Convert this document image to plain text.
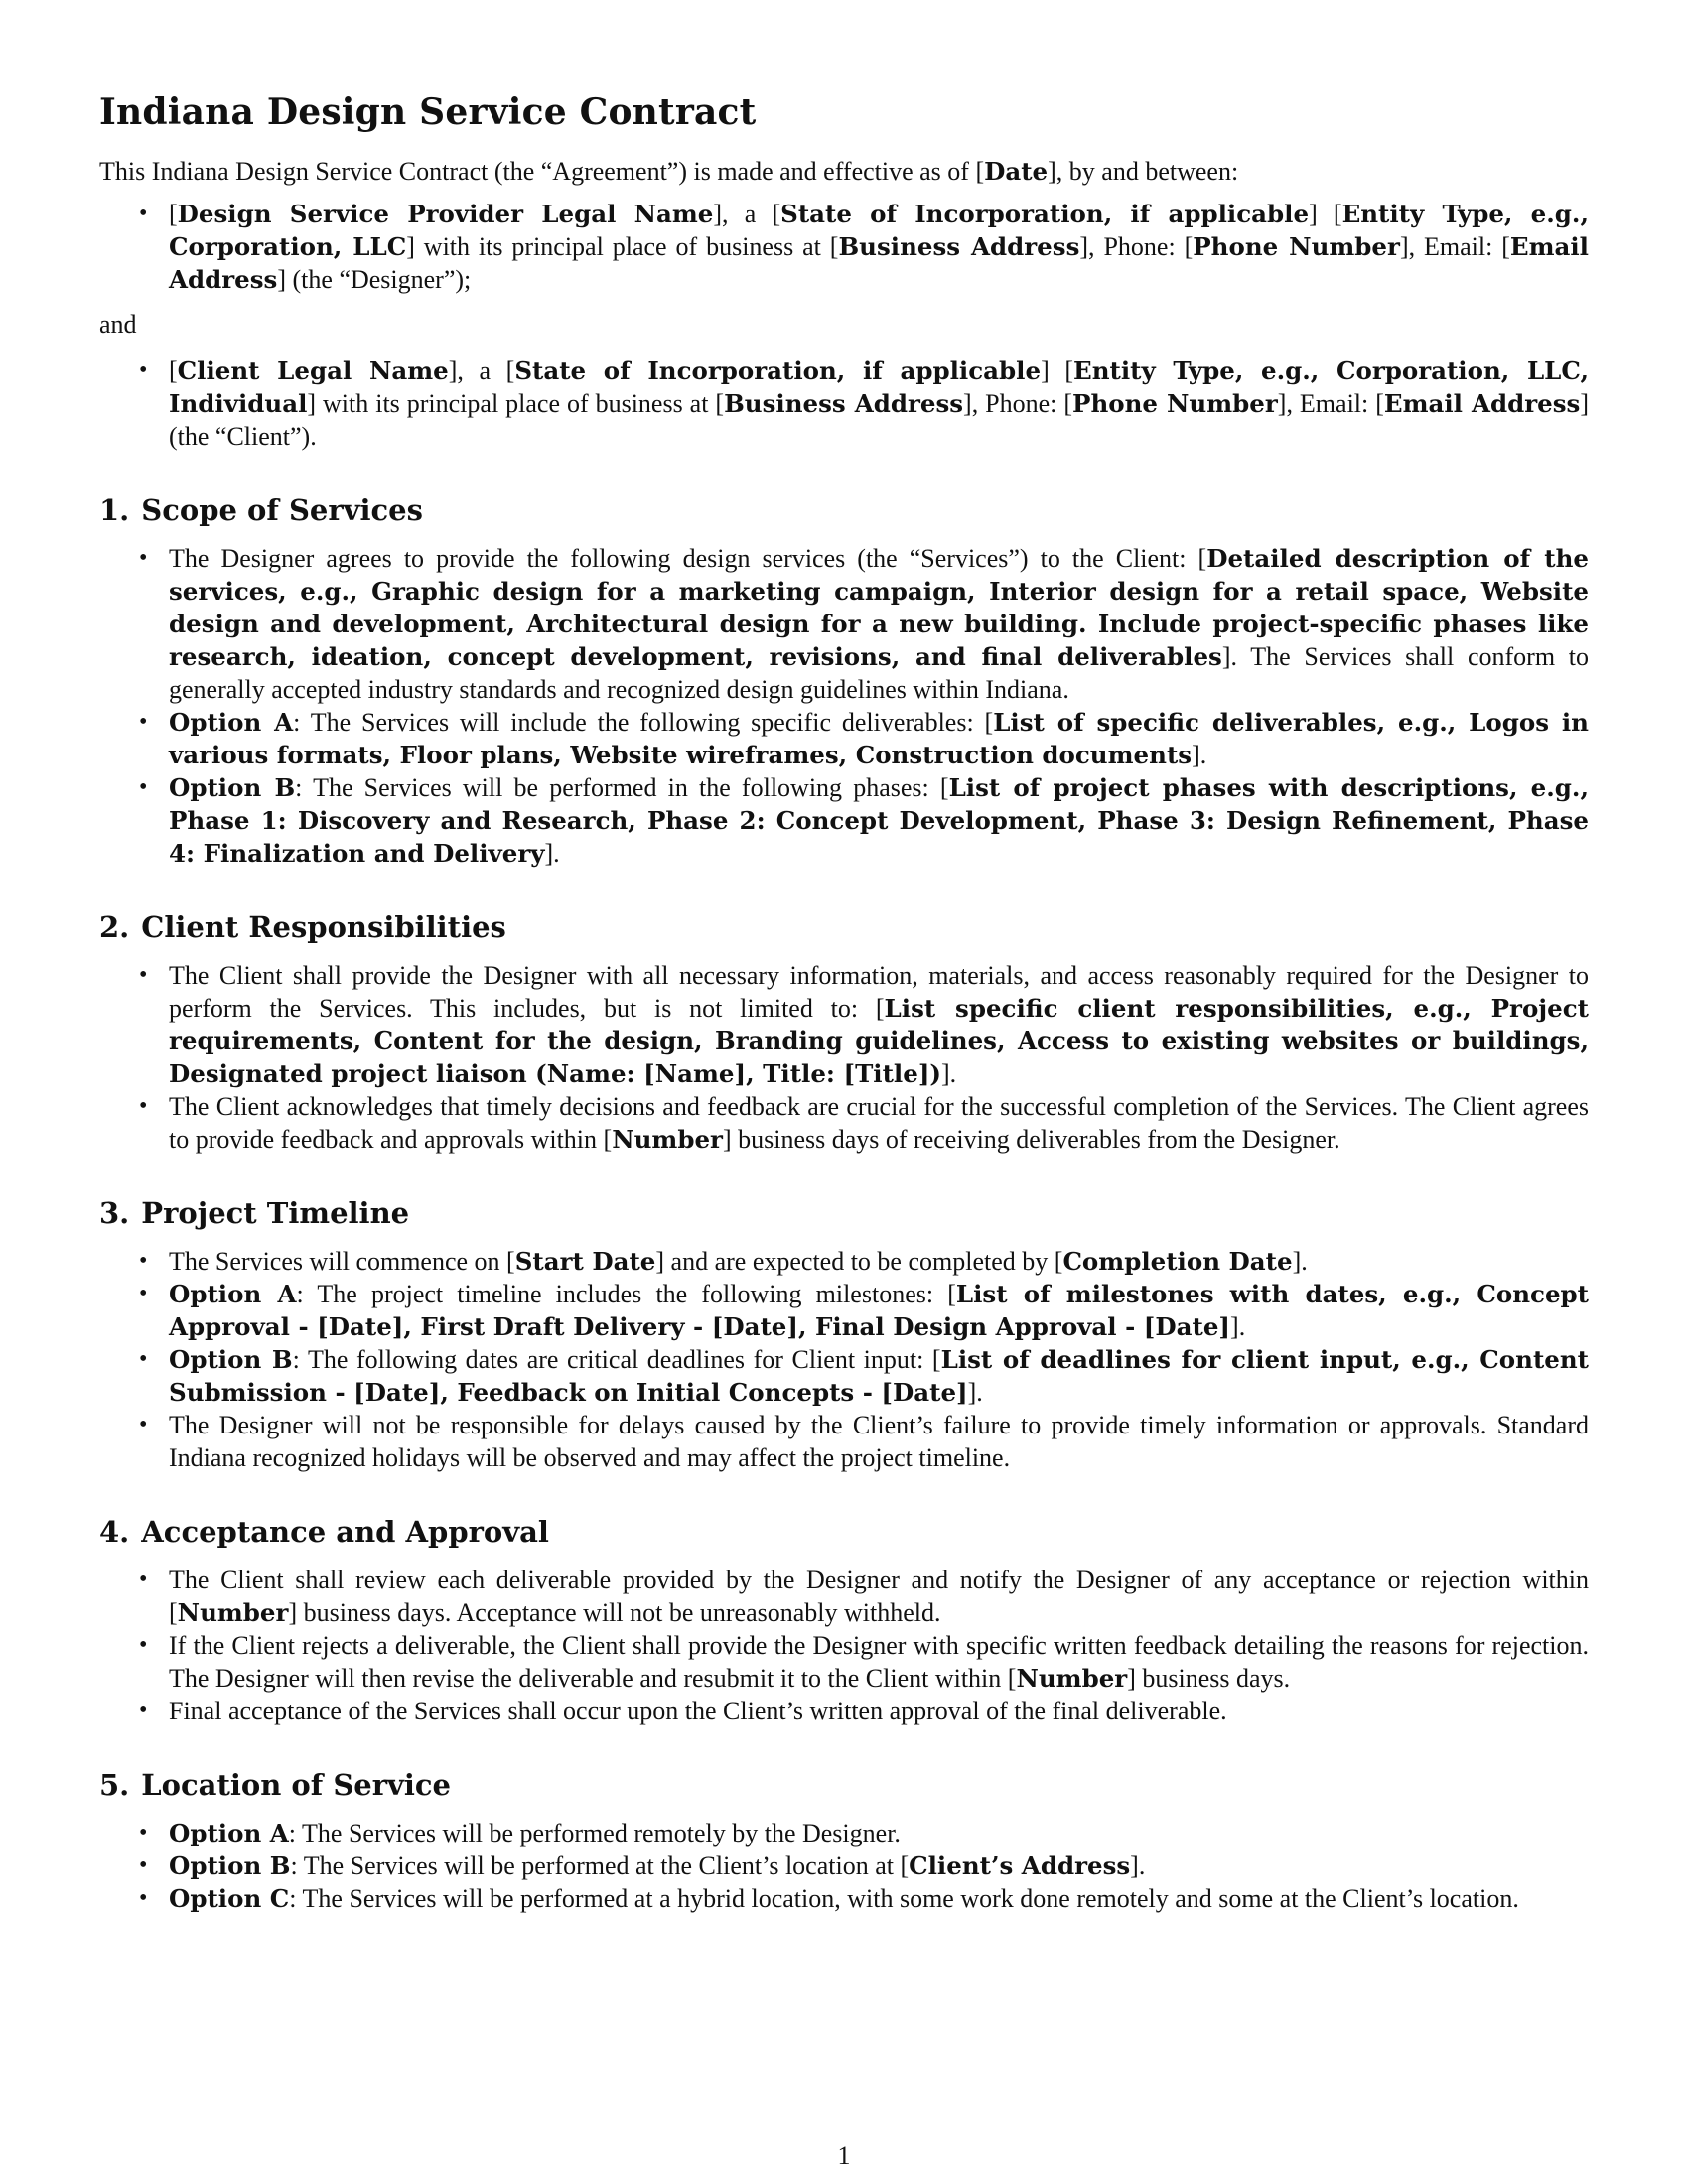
Indiana Design Service Contract

This Indiana Design Service Contract (the “Agreement”) is made and effective as of [Date], by and between:

• [Design Service Provider Legal Name], a [State of Incorporation, if applicable] [Entity Type, e.g., Corporation, LLC] with its principal place of business at [Business Address], Phone: [Phone Number], Email: [Email Address] (the “Designer”);

and

• [Client Legal Name], a [State of Incorporation, if applicable] [Entity Type, e.g., Corporation, LLC, Individual] with its principal place of business at [Business Address], Phone: [Phone Number], Email: [Email Address] (the “Client”).
1. Scope of Services
• The Designer agrees to provide the following design services (the “Services”) to the Client: [Detailed description of the services, e.g., Graphic design for a marketing campaign, Interior design for a retail space, Website design and development, Architectural design for a new building. Include project-specific phases like research, ideation, concept development, revisions, and final deliverables]. The Services shall conform to generally accepted industry standards and recognized design guidelines within Indiana.
• Option A: The Services will include the following specific deliverables: [List of specific deliverables, e.g., Logos in various formats, Floor plans, Website wireframes, Construction documents].
• Option B: The Services will be performed in the following phases: [List of project phases with descriptions, e.g., Phase 1: Discovery and Research, Phase 2: Concept Development, Phase 3: Design Refinement, Phase 4: Finalization and Delivery].
2. Client Responsibilities
• The Client shall provide the Designer with all necessary information, materials, and access reasonably required for the Designer to perform the Services. This includes, but is not limited to: [List specific client responsibilities, e.g., Project requirements, Content for the design, Branding guidelines, Access to existing websites or buildings, Designated project liaison (Name: [Name], Title: [Title])].
• The Client acknowledges that timely decisions and feedback are crucial for the successful completion of the Services. The Client agrees to provide feedback and approvals within [Number] business days of receiving deliverables from the Designer.
3. Project Timeline
• The Services will commence on [Start Date] and are expected to be completed by [Completion Date].
• Option A: The project timeline includes the following milestones: [List of milestones with dates, e.g., Concept Approval - [Date], First Draft Delivery - [Date], Final Design Approval - [Date]].
• Option B: The following dates are critical deadlines for Client input: [List of deadlines for client input, e.g., Content Submission - [Date], Feedback on Initial Concepts - [Date]].
• The Designer will not be responsible for delays caused by the Client’s failure to provide timely information or approvals. Standard Indiana recognized holidays will be observed and may affect the project timeline.
4. Acceptance and Approval
• The Client shall review each deliverable provided by the Designer and notify the Designer of any acceptance or rejection within [Number] business days. Acceptance will not be unreasonably withheld.
• If the Client rejects a deliverable, the Client shall provide the Designer with specific written feedback detailing the reasons for rejection. The Designer will then revise the deliverable and resubmit it to the Client within [Number] business days.
• Final acceptance of the Services shall occur upon the Client’s written approval of the final deliverable.
5. Location of Service
• Option A: The Services will be performed remotely by the Designer.
• Option B: The Services will be performed at the Client’s location at [Client’s Address].
• Option C: The Services will be performed at a hybrid location, with some work done remotely and some at the Client’s location.
1
